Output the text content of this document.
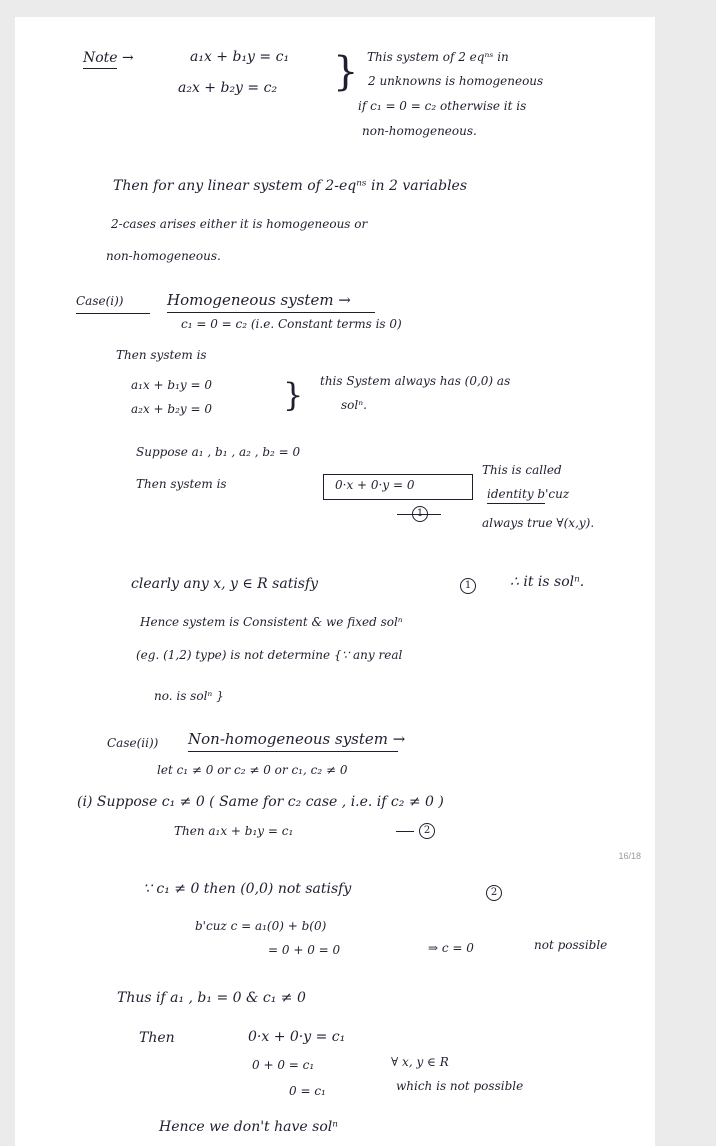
Note →	a₁x + b₁y = c₁
a₂x + b₂y = c₂ } This system of 2 eqⁿˢ in
2 unknowns is homogeneous
if c₁ = 0 = c₂ otherwise it is
non-homogeneous.
Then for any linear system of 2-eqⁿˢ in 2 variables
2-cases arises either it is homogeneous or
non-homogeneous.
Case(i))	Homogeneous system →
c₁ = 0 = c₂ (i.e. Constant terms is 0)
Then system is
a₁x + b₁y = 0
a₂x + b₂y = 0 } this System always has (0,0) as
solⁿ.
Suppose a₁ , b₁ , a₂ , b₂ = 0
Then system is	0·x + 0·y = 0
1
This is called
identity b'cuz
always true ∀(x,y).
clearly any x, y ∈ R satisfy	1	∴ it is solⁿ.
Hence system is Consistent & we fixed solⁿ
(eg. (1,2) type) is not determine {∵ any real
no. is solⁿ }
Case(ii)) Non-homogeneous system →
let c₁ ≠ 0 or c₂ ≠ 0 or c₁, c₂ ≠ 0
(i) Suppose c₁ ≠ 0 ( Same for c₂ case , i.e. if c₂ ≠ 0 )
Then a₁x + b₁y = c₁	2
16/18
∵ c₁ ≠ 0 then (0,0) not satisfy	2
b'cuz c = a₁(0) + b(0)
= 0 + 0 = 0	⇒ c = 0	not possible
Thus if a₁ , b₁ = 0 & c₁ ≠ 0
Then	0·x + 0·y = c₁
0 + 0 = c₁	∀ x, y ∈ R
0 = c₁	which is not possible
Hence we don't have solⁿ
